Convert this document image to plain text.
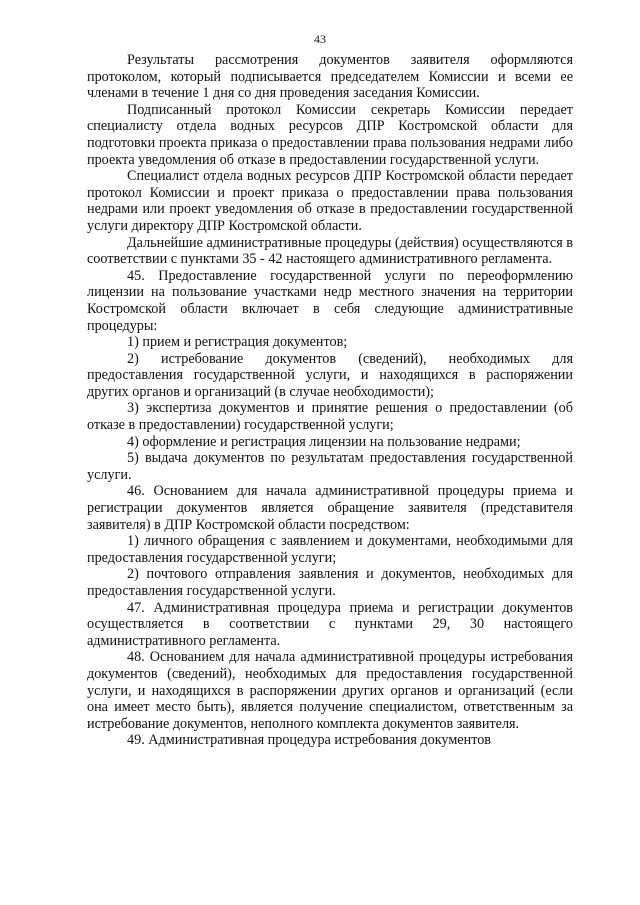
43

Результаты рассмотрения документов заявителя оформляются протоколом, который подписывается председателем Комиссии и всеми ее членами в течение 1 дня со дня проведения заседания Комиссии.

Подписанный протокол Комиссии секретарь Комиссии передает специалисту отдела водных ресурсов ДПР Костромской области для подготовки проекта приказа о предоставлении права пользования недрами либо проекта уведомления об отказе в предоставлении государственной услуги.

Специалист отдела водных ресурсов ДПР Костромской области передает протокол Комиссии и проект приказа о предоставлении права пользования недрами или проект уведомления об отказе в предоставлении государственной услуги директору ДПР Костромской области.

Дальнейшие административные процедуры (действия) осуществляются в соответствии с пунктами 35 - 42 настоящего административного регламента.

45. Предоставление государственной услуги по переоформлению лицензии на пользование участками недр местного значения на территории Костромской области включает в себя следующие административные процедуры:

1) прием и регистрация документов;

2) истребование документов (сведений), необходимых для предоставления государственной услуги, и находящихся в распоряжении других органов и организаций (в случае необходимости);

3) экспертиза документов и принятие решения о предоставлении (об отказе в предоставлении) государственной услуги;

4) оформление и регистрация лицензии на пользование недрами;

5) выдача документов по результатам предоставления государственной услуги.

46. Основанием для начала административной процедуры приема и регистрации документов является обращение заявителя (представителя заявителя) в ДПР Костромской области посредством:

1) личного обращения с заявлением и документами, необходимыми для предоставления государственной услуги;

2) почтового отправления заявления и документов, необходимых для предоставления государственной услуги.

47. Административная процедура приема и регистрации документов осуществляется в соответствии с пунктами 29, 30 настоящего административного регламента.

48. Основанием для начала административной процедуры истребования документов (сведений), необходимых для предоставления государственной услуги, и находящихся в распоряжении других органов и организаций (если она имеет место быть), является получение специалистом, ответственным за истребование документов, неполного комплекта документов заявителя.

49. Административная процедура истребования документов
